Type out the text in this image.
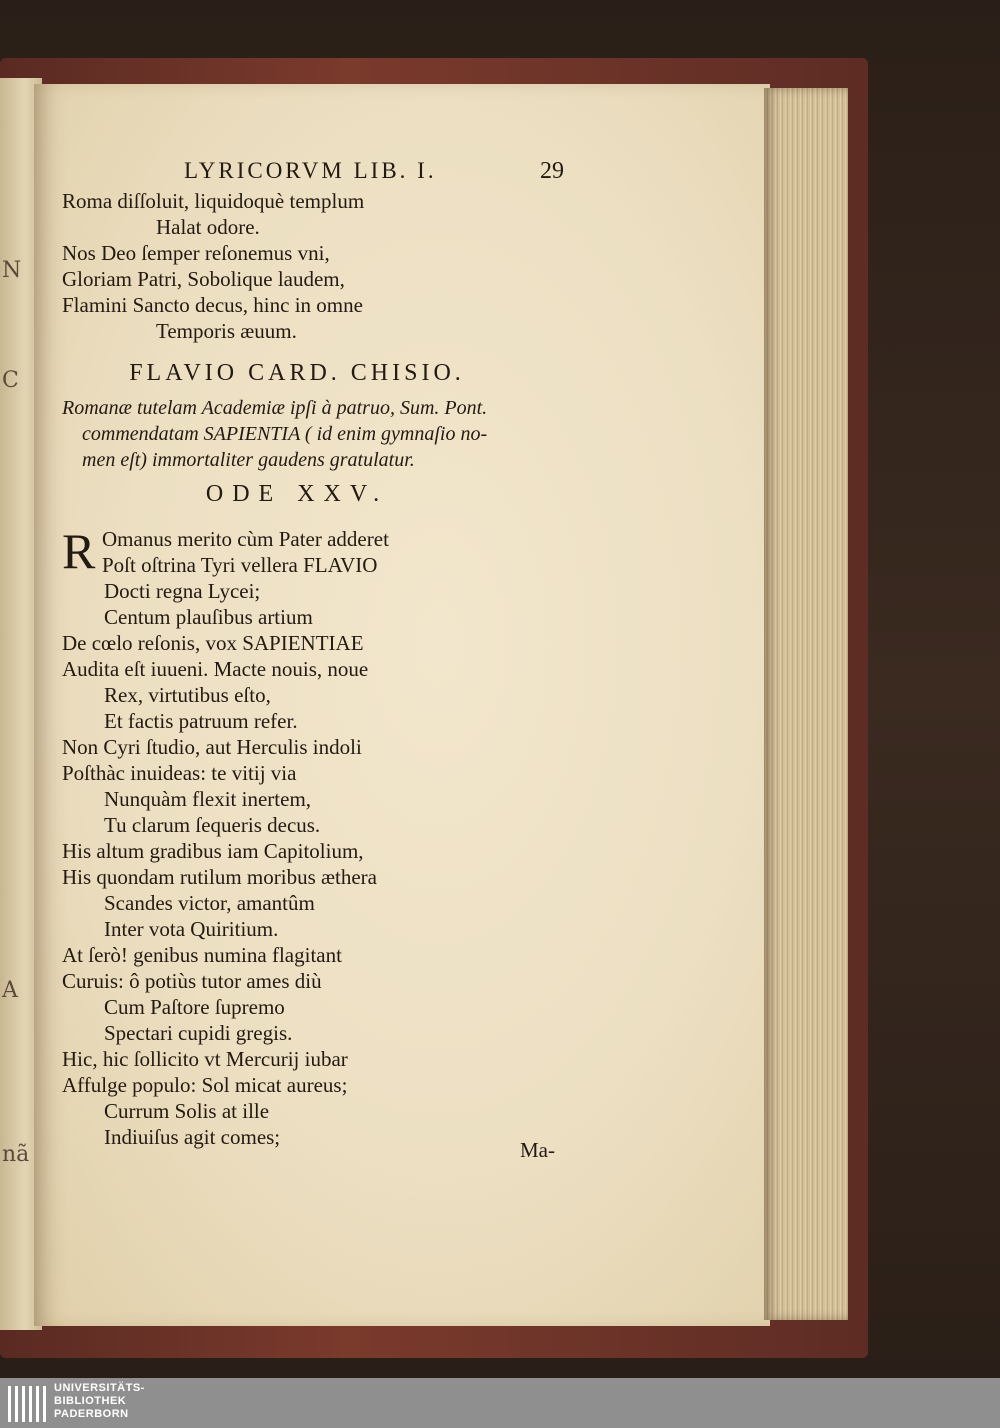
N
C
A
nã
LYRICORVM LIB. I.	29
Roma diſſoluit, liquidoquè templum
Halat odore.
Nos Deo ſemper reſonemus vni,
Gloriam Patri, Sobolique laudem,
Flamini Sancto decus, hinc in omne
Temporis æuum.
FLAVIO CARD. CHISIO.
Romanæ tutelam Academiæ ipſi à patruo, Sum. Pont.
commendatam SAPIENTIA ( id enim gymnaſio no-
men eſt) immortaliter gaudens gratulatur.
ODE XXV.
R Omanus merito cùm Pater adderet
Poſt oſtrina Tyri vellera FLAVIO
Docti regna Lycei;
Centum plauſibus artium
De cœlo reſonis, vox SAPIENTIAE
Audita eſt iuueni. Macte nouis, noue
Rex, virtutibus eſto,
Et factis patruum refer.
Non Cyri ſtudio, aut Herculis indoli
Poſthàc inuideas: te vitij via
Nunquàm flexit inertem,
Tu clarum ſequeris decus.
His altum gradibus iam Capitolium,
His quondam rutilum moribus æthera
Scandes victor, amantûm
Inter vota Quiritium.
At ſerò! genibus numina flagitant
Curuis: ô potiùs tutor ames diù
Cum Paſtore ſupremo
Spectari cupidi gregis.
Hic, hic ſollicito vt Mercurij iubar
Affulge populo: Sol micat aureus;
Currum Solis at ille
Indiuiſus agit comes;
Ma-
UNIVERSITÄTS-
BIBLIOTHEK
PADERBORN
